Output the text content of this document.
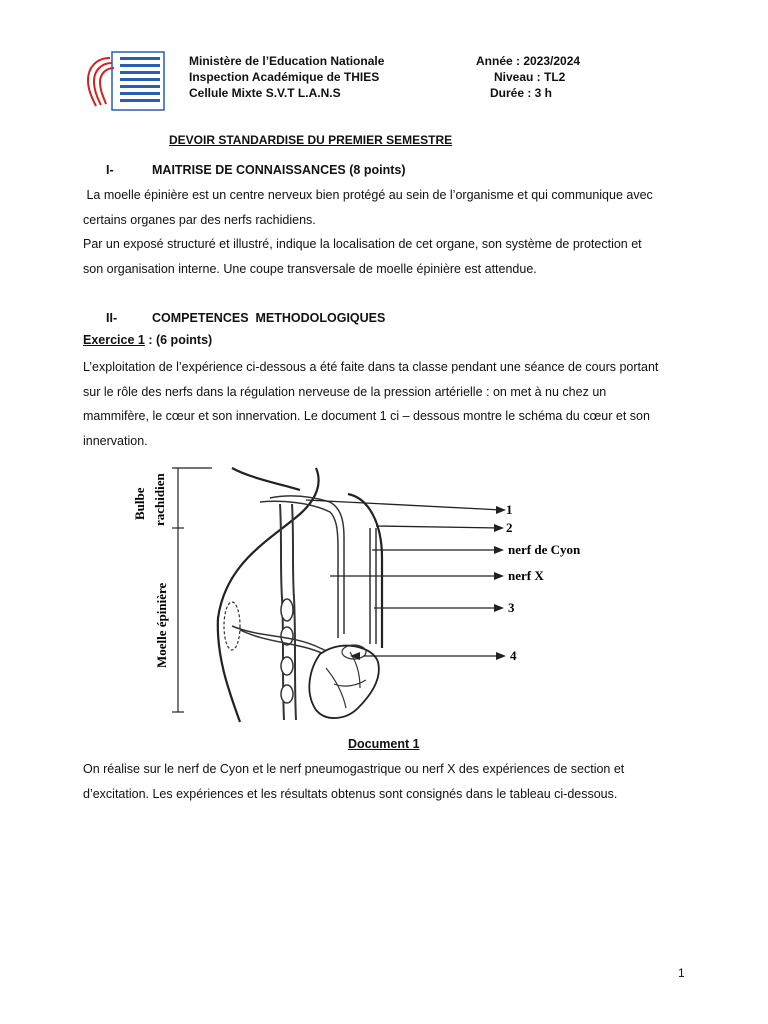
Ministère de l’Education Nationale
Inspection Académique de THIES
Cellule Mixte S.V.T L.A.N.S
Année : 2023/2024
Niveau : TL2
Durée : 3 h
DEVOIR STANDARDISE DU PREMIER SEMESTRE
I-	MAITRISE DE CONNAISSANCES (8 points)
La moelle épinière est un centre nerveux bien protégé au sein de l’organisme et qui communique avec
certains organes par des nerfs rachidiens.
Par un exposé structuré et illustré, indique la localisation de cet organe, son système de protection et
son organisation interne. Une coupe transversale de moelle épinière est attendue.
II-	COMPETENCES  METHODOLOGIQUES
Exercice 1 : (6 points)
L’exploitation de l’expérience ci-dessous a été faite dans ta classe pendant une séance de cours portant
sur le rôle des nerfs dans la régulation nerveuse de la pression artérielle : on met à nu chez un
mammifère, le cœur et son innervation. Le document 1 ci – dessous montre le schéma du cœur et son
innervation.
Bulbe rachidien
Moelle épinière
1
2
nerf de Cyon
nerf X
3
4
Document 1
On réalise sur le nerf de Cyon et le nerf pneumogastrique ou nerf X des expériences de section et
d’excitation. Les expériences et les résultats obtenus sont consignés dans le tableau ci-dessous.
1
